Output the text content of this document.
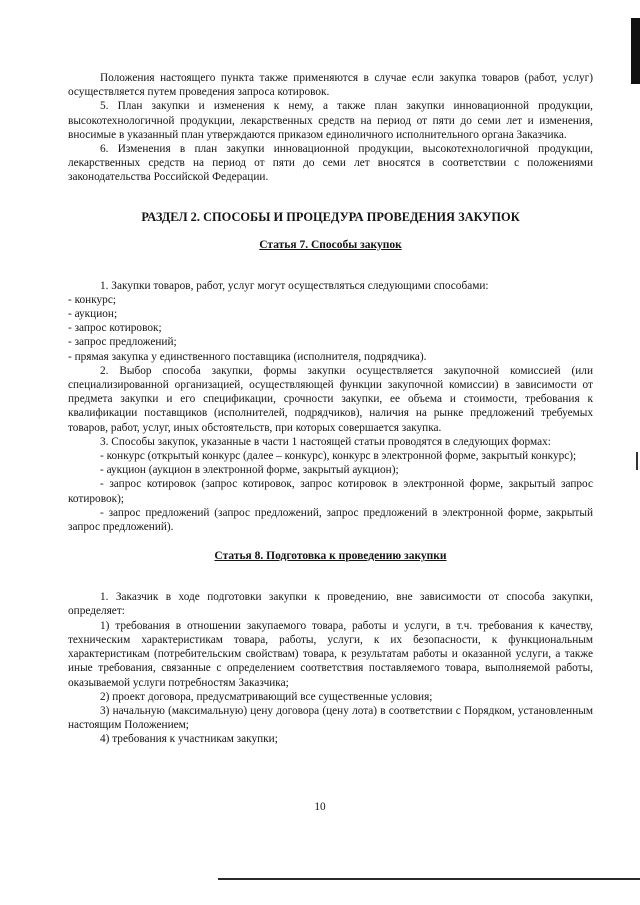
Положения настоящего пункта также применяются в случае если закупка товаров (работ, услуг) осуществляется путем проведения запроса котировок.

5. План закупки и изменения к нему, а также план закупки инновационной продукции, высокотехнологичной продукции, лекарственных средств на период от пяти до семи лет и изменения, вносимые в указанный план утверждаются приказом единоличного исполнительного органа Заказчика.

6. Изменения в план закупки инновационной продукции, высокотехнологичной продукции, лекарственных средств на период от пяти до семи лет вносятся в соответствии с положениями законодательства Российской Федерации.

РАЗДЕЛ 2. СПОСОБЫ И ПРОЦЕДУРА ПРОВЕДЕНИЯ ЗАКУПОК

Статья 7. Способы закупок

1. Закупки товаров, работ, услуг могут осуществляться следующими способами:

- конкурс;

- аукцион;

- запрос котировок;

- запрос предложений;

- прямая закупка у единственного поставщика (исполнителя, подрядчика).

2. Выбор способа закупки, формы закупки осуществляется закупочной комиссией (или специализированной организацией, осуществляющей функции закупочной комиссии) в зависимости от предмета закупки и его спецификации, срочности закупки, ее объема и стоимости, требования к квалификации поставщиков (исполнителей, подрядчиков), наличия на рынке предложений требуемых товаров, работ, услуг, иных обстоятельств, при которых совершается закупка.

3. Способы закупок, указанные в части 1 настоящей статьи проводятся в следующих формах:

- конкурс (открытый конкурс (далее – конкурс), конкурс в электронной форме, закрытый конкурс);

- аукцион (аукцион в электронной форме, закрытый аукцион);

- запрос котировок (запрос котировок, запрос котировок в электронной форме, закрытый запрос котировок);

- запрос предложений (запрос предложений, запрос предложений в электронной форме, закрытый запрос предложений).

Статья 8. Подготовка к проведению закупки

1. Заказчик в ходе подготовки закупки к проведению, вне зависимости от способа закупки, определяет:

1) требования в отношении закупаемого товара, работы и услуги, в т.ч. требования к качеству, техническим характеристикам товара, работы, услуги, к их безопасности, к функциональным характеристикам (потребительским свойствам) товара, к результатам работы и оказанной услуги, а также иные требования, связанные с определением соответствия поставляемого товара, выполняемой работы, оказываемой услуги потребностям Заказчика;

2) проект договора, предусматривающий все существенные условия;

3) начальную (максимальную) цену договора (цену лота) в соответствии с Порядком, установленным настоящим Положением;

4) требования к участникам закупки;

10
